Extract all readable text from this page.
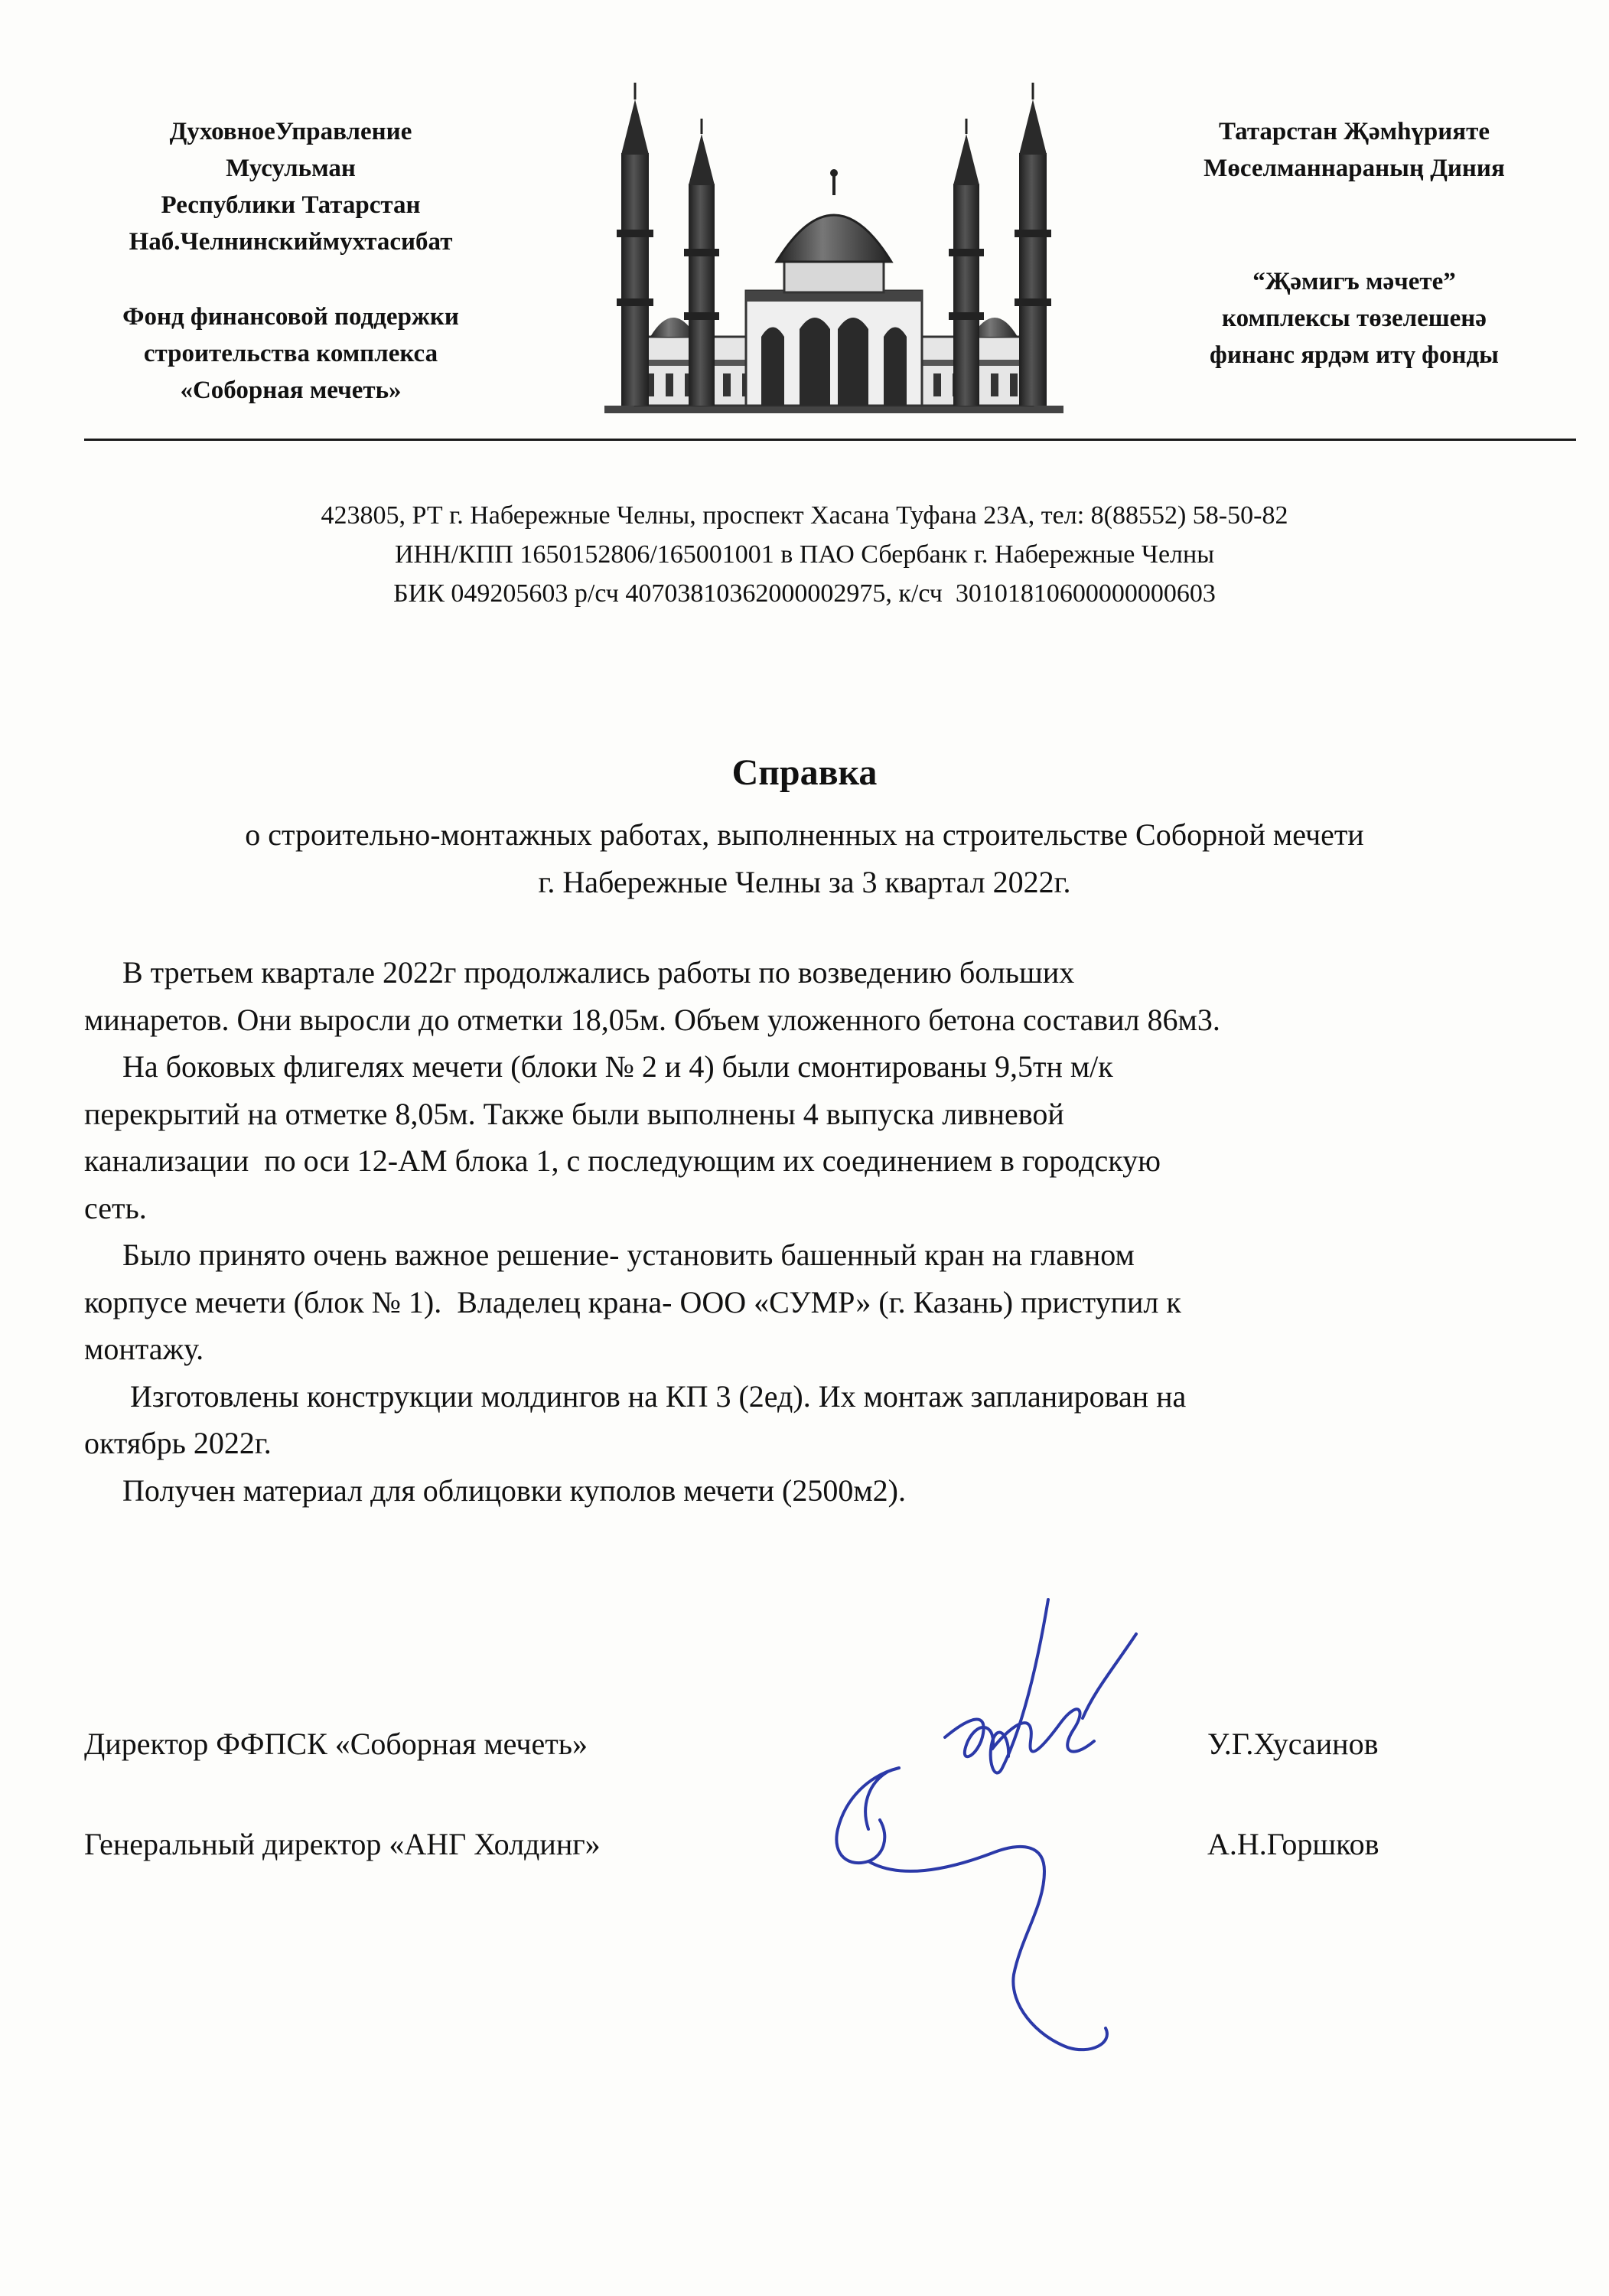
ДуховноеУправление
Мусульман
Республики Татарстан
Наб.Челнинскиймухтасибат
Фонд финансовой поддержки
строительства комплекса
«Соборная мечеть»
Татарстан Җәмһүрияте
Мөселманнараның Диния
“Җәмигъ мәчете”
комплексы төзелешенә
финанс ярдәм итү фонды
423805, РТ г. Набережные Челны, проспект Хасана Туфана 23А, тел: 8(88552) 58-50-82
ИНН/КПП 1650152806/165001001 в ПАО Сбербанк г. Набережные Челны
БИК 049205603 р/сч 40703810362000002975, к/сч  30101810600000000603
Справка
о строительно-монтажных работах, выполненных на строительстве Соборной мечети
г. Набережные Челны за 3 квартал 2022г.
В третьем квартале 2022г продолжались работы по возведению больших
минаретов. Они выросли до отметки 18,05м. Объем уложенного бетона составил 86м3.
На боковых флигелях мечети (блоки № 2 и 4) были смонтированы 9,5тн м/к
перекрытий на отметке 8,05м. Также были выполнены 4 выпуска ливневой
канализации  по оси 12-АМ блока 1, с последующим их соединением в городскую
сеть.
Было принято очень важное решение- установить башенный кран на главном
корпусе мечети (блок № 1).  Владелец крана- ООО «СУМР» (г. Казань) приступил к
монтажу.
Изготовлены конструкции молдингов на КП 3 (2ед). Их монтаж запланирован на
октябрь 2022г.
Получен материал для облицовки куполов мечети (2500м2).
Директор ФФПСК «Соборная мечеть»	У.Г.Хусаинов
Генеральный директор «АНГ Холдинг»	А.Н.Горшков
